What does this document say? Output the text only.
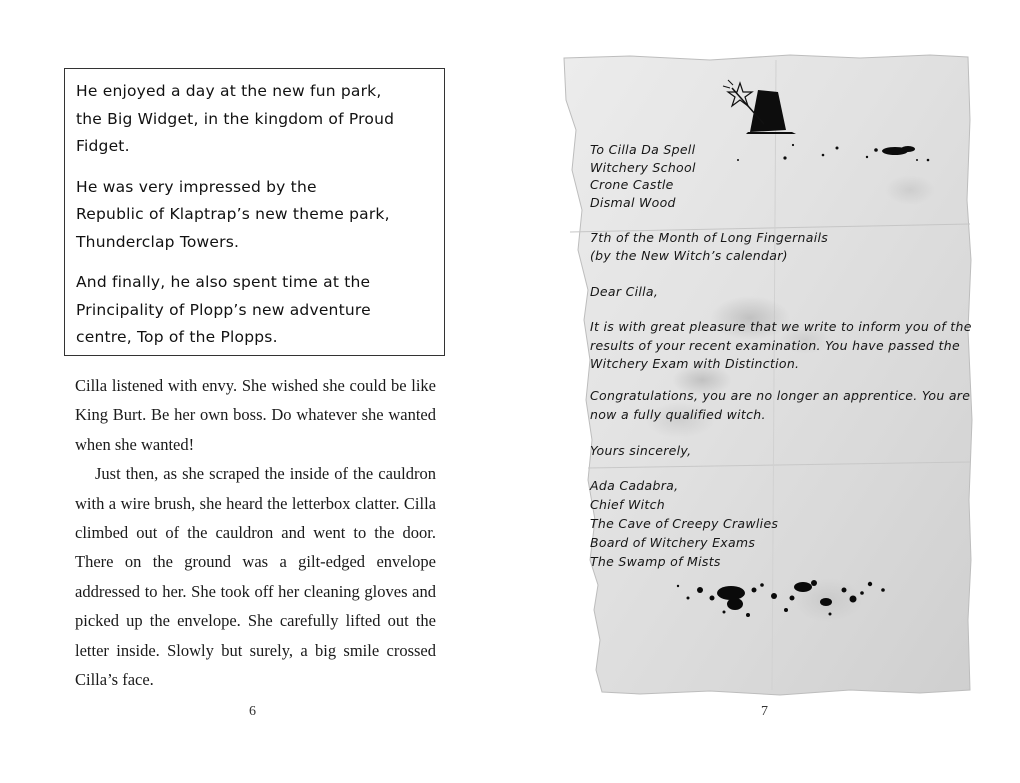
He enjoyed a day at the new fun park,
the Big Widget, in the kingdom of Proud
Fidget.

He was very impressed by the
Republic of Klaptrap’s new theme park,
Thunderclap Towers.

And finally, he also spent time at the
Principality of Plopp’s new adventure
centre, Top of the Plopps.

Cilla listened with envy. She wished she could be like King Burt. Be her own boss. Do whatever she wanted when she wanted!

Just then, as she scraped the inside of the cauldron with a wire brush, she heard the letterbox clatter. Cilla climbed out of the cauldron and went to the door. There on the ground was a gilt-edged envelope addressed to her. She took off her cleaning gloves and picked up the envelope. She carefully lifted out the letter inside. Slowly but surely, a big smile crossed Cilla’s face.

6
To Cilla Da Spell
Witchery School
Crone Castle
Dismal Wood
7th of the Month of Long Fingernails
(by the New Witch’s calendar)
Dear Cilla,
It is with great pleasure that we write to inform you of the
results of your recent examination. You have passed the
Witchery Exam with Distinction.
Congratulations, you are no longer an apprentice. You are
now a fully qualified witch.
Yours sincerely,
Ada Cadabra,
Chief Witch
The Cave of Creepy Crawlies
Board of Witchery Exams
The Swamp of Mists
7
